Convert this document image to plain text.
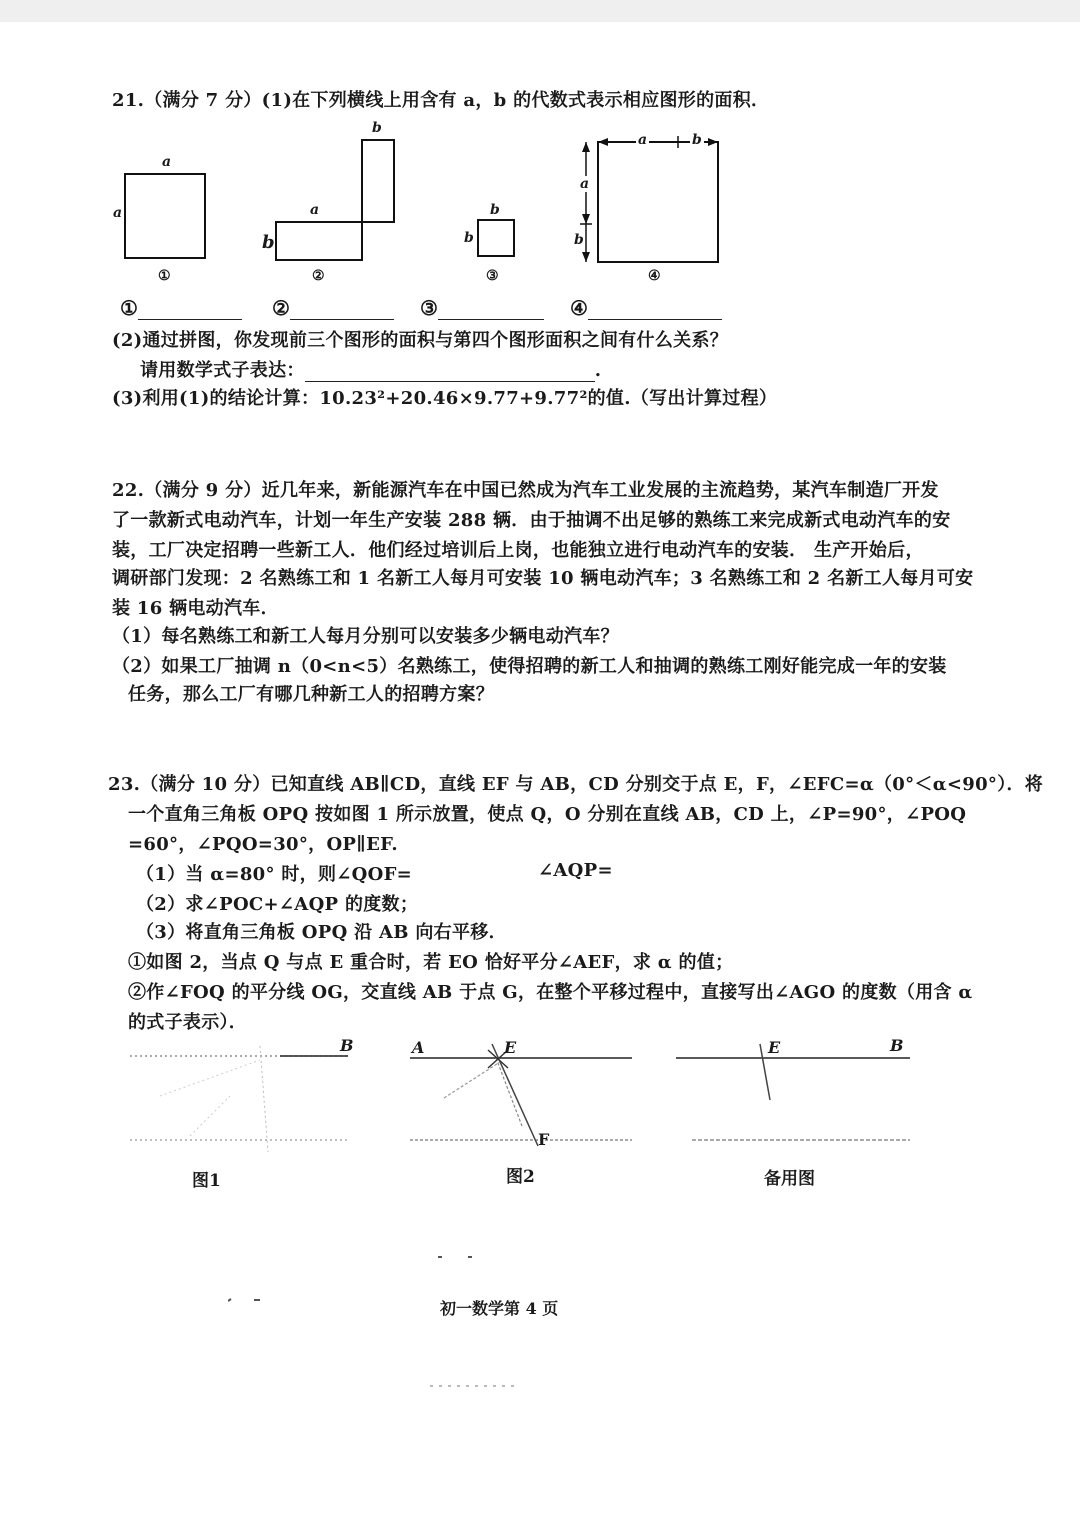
21.（满分 7 分）(1)在下列横线上用含有 a，b 的代数式表示相应图形的面积．
a
a
①
b
a
b
②
b
b
③
a	b
a
b
④
①	②	③	④
(2)通过拼图，你发现前三个图形的面积与第四个图形面积之间有什么关系？
请用数学式子表达：	.
(3)利用(1)的结论计算：10.23²+20.46×9.77+9.77²的值.（写出计算过程）
22.（满分 9 分）近几年来，新能源汽车在中国已然成为汽车工业发展的主流趋势，某汽车制造厂开发
了一款新式电动汽车，计划一年生产安装 288 辆．由于抽调不出足够的熟练工来完成新式电动汽车的安
装，工厂决定招聘一些新工人．他们经过培训后上岗，也能独立进行电动汽车的安装． 生产开始后，
调研部门发现：2 名熟练工和 1 名新工人每月可安装 10 辆电动汽车；3 名熟练工和 2 名新工人每月可安
装 16 辆电动汽车．
（1）每名熟练工和新工人每月分别可以安装多少辆电动汽车？
（2）如果工厂抽调 n（0<n<5）名熟练工，使得招聘的新工人和抽调的熟练工刚好能完成一年的安装
任务，那么工厂有哪几种新工人的招聘方案？
23.（满分 10 分）已知直线 AB∥CD，直线 EF 与 AB，CD 分别交于点 E，F，∠EFC=α（0°＜α<90°）．将
一个直角三角板 OPQ 按如图 1 所示放置，使点 Q，O 分别在直线 AB，CD 上，∠P=90°，∠POQ
=60°，∠PQO=30°，OP∥EF.
（1）当 α=80° 时，则∠QOF=	∠AQP=
（2）求∠POC+∠AQP 的度数；
（3）将直角三角板 OPQ 沿 AB 向右平移．
①如图 2，当点 Q 与点 E 重合时，若 EO 恰好平分∠AEF，求 α 的值；
②作∠FOQ 的平分线 OG，交直线 AB 于点 G，在整个平移过程中，直接写出∠AGO 的度数（用含 α
的式子表示）．
B
图1
A	E
F
图2
E	B
备用图
初一数学第 4 页
